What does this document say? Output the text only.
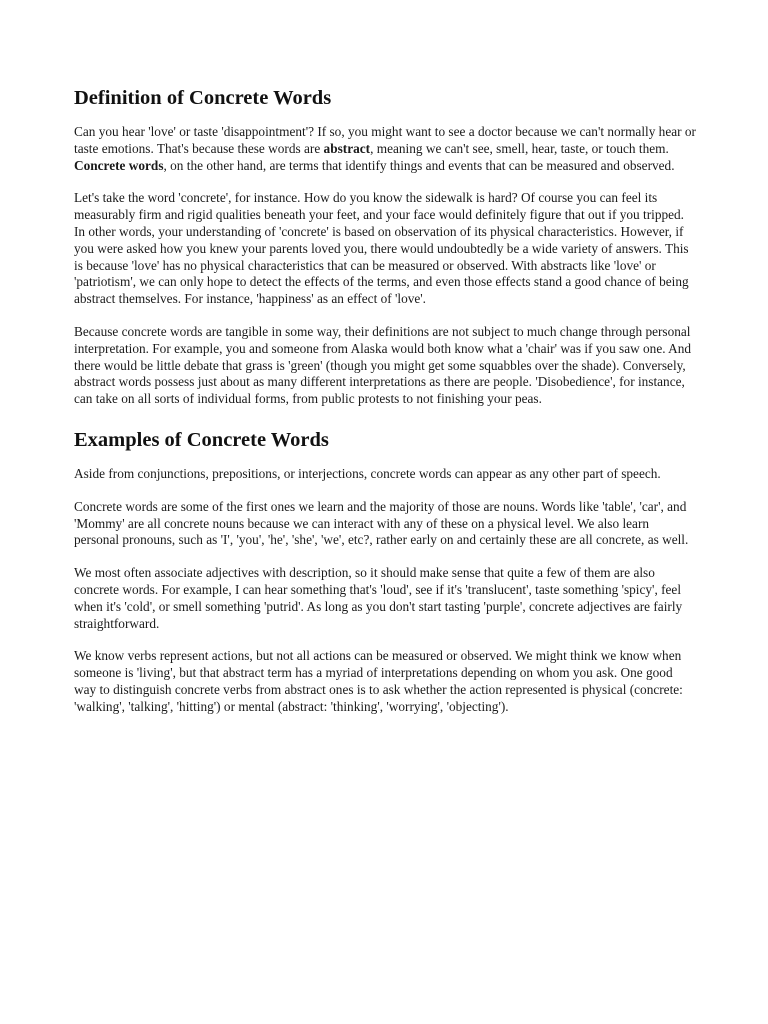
Definition of Concrete Words

Can you hear 'love' or taste 'disappointment'? If so, you might want to see a doctor because we can't normally hear or taste emotions. That's because these words are abstract, meaning we can't see, smell, hear, taste, or touch them. Concrete words, on the other hand, are terms that identify things and events that can be measured and observed.

Let's take the word 'concrete', for instance. How do you know the sidewalk is hard? Of course you can feel its measurably firm and rigid qualities beneath your feet, and your face would definitely figure that out if you tripped. In other words, your understanding of 'concrete' is based on observation of its physical characteristics. However, if you were asked how you knew your parents loved you, there would undoubtedly be a wide variety of answers. This is because 'love' has no physical characteristics that can be measured or observed. With abstracts like 'love' or 'patriotism', we can only hope to detect the effects of the terms, and even those effects stand a good chance of being abstract themselves. For instance, 'happiness' as an effect of 'love'.

Because concrete words are tangible in some way, their definitions are not subject to much change through personal interpretation. For example, you and someone from Alaska would both know what a 'chair' was if you saw one. And there would be little debate that grass is 'green' (though you might get some squabbles over the shade). Conversely, abstract words possess just about as many different interpretations as there are people. 'Disobedience', for instance, can take on all sorts of individual forms, from public protests to not finishing your peas.

Examples of Concrete Words

Aside from conjunctions, prepositions, or interjections, concrete words can appear as any other part of speech.

Concrete words are some of the first ones we learn and the majority of those are nouns. Words like 'table', 'car', and 'Mommy' are all concrete nouns because we can interact with any of these on a physical level. We also learn personal pronouns, such as 'I', 'you', 'he', 'she', 'we', etc?, rather early on and certainly these are all concrete, as well.

We most often associate adjectives with description, so it should make sense that quite a few of them are also concrete words. For example, I can hear something that's 'loud', see if it's 'translucent', taste something 'spicy', feel when it's 'cold', or smell something 'putrid'. As long as you don't start tasting 'purple', concrete adjectives are fairly straightforward.

We know verbs represent actions, but not all actions can be measured or observed. We might think we know when someone is 'living', but that abstract term has a myriad of interpretations depending on whom you ask. One good way to distinguish concrete verbs from abstract ones is to ask whether the action represented is physical (concrete: 'walking', 'talking', 'hitting') or mental (abstract: 'thinking', 'worrying', 'objecting').
